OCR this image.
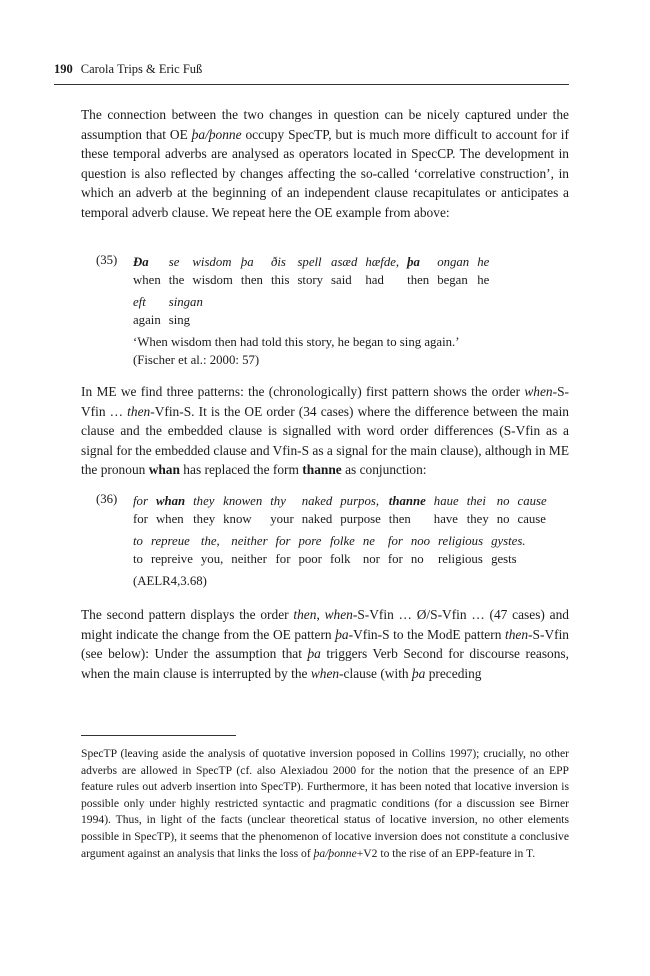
190 Carola Trips & Eric Fuß

The connection between the two changes in question can be nicely captured under the assumption that OE þa/þonne occupy SpecTP, but is much more difficult to account for if these temporal adverbs are analysed as operators located in SpecCP. The development in question is also reflected by changes affecting the so-called ‘correlative construction’, in which an adverb at the beginning of an independent clause recapitulates or anticipates a temporal adverb clause. We repeat here the OE example from above:

(35) Ða	se	wisdom	þa	ðis	spell	asæd	hæfde,	þa	ongan	he
when	the	wisdom	then	this	story	said	had	then	began	he
eft	singan
again	sing
‘When wisdom then had told this story, he began to sing again.’
(Fischer et al.: 2000: 57)

In ME we find three patterns: the (chronologically) first pattern shows the order when-S-Vfin … then-Vfin-S. It is the OE order (34 cases) where the difference between the main clause and the embedded clause is signalled with word order differences (S-Vfin as a signal for the embedded clause and Vfin-S as a signal for the main clause), although in ME the pronoun whan has replaced the form thanne as conjunction:

(36) for	whan	they	knowen	thy	naked	purpos,	thanne	haue	thei	no	cause
for	when	they	know	your	naked	purpose	then	have	they	no	cause
to	repreue	the,	neither	for	pore	folke	ne	for	noo	religious	gystes.
to	repreive	you,	neither	for	poor	folk	nor	for	no	religious	gests
(AELR4,3.68)

The second pattern displays the order then, when-S-Vfin … Ø/S-Vfin … (47 cases) and might indicate the change from the OE pattern þa-Vfin-S to the ModE pattern then-S-Vfin (see below): Under the assumption that þa triggers Verb Second for discourse reasons, when the main clause is interrupted by the when-clause (with þa preceding

SpecTP (leaving aside the analysis of quotative inversion poposed in Collins 1997); crucially, no other adverbs are allowed in SpecTP (cf. also Alexiadou 2000 for the notion that the presence of an EPP feature rules out adverb insertion into SpecTP). Furthermore, it has been noted that locative inversion is possible only under highly restricted syntactic and pragmatic conditions (for a discussion see Birner 1994). Thus, in light of the facts (unclear theoretical status of locative inversion, no other elements possible in SpecTP), it seems that the phenomenon of locative inversion does not constitute a conclusive argument against an analysis that links the loss of þa/þonne+V2 to the rise of an EPP-feature in T.
